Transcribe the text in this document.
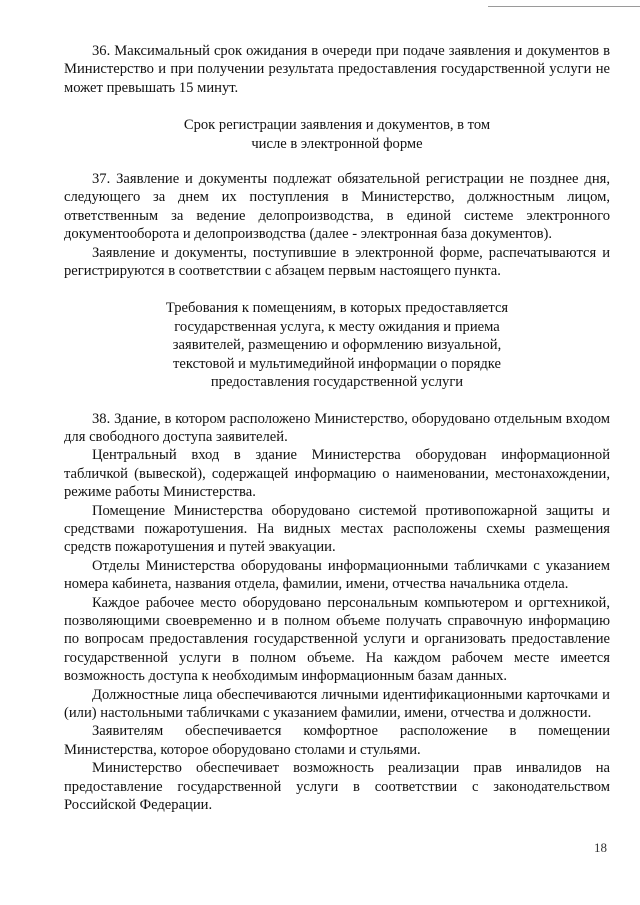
36. Максимальный срок ожидания в очереди при подаче заявления и документов в Министерство и при получении результата предоставления государственной услуги не может превышать 15 минут.

Срок регистрации заявления и документов, в том числе в электронной форме

37. Заявление и документы подлежат обязательной регистрации не позднее дня, следующего за днем их поступления в Министерство, должностным лицом, ответственным за ведение делопроизводства, в единой системе электронного документооборота и делопроизводства (далее - электронная база документов).

Заявление и документы, поступившие в электронной форме, распечатываются и регистрируются в соответствии с абзацем первым настоящего пункта.

Требования к помещениям, в которых предоставляется государственная услуга, к месту ожидания и приема заявителей, размещению и оформлению визуальной, текстовой и мультимедийной информации о порядке предоставления государственной услуги

38. Здание, в котором расположено Министерство, оборудовано отдельным входом для свободного доступа заявителей.

Центральный вход в здание Министерства оборудован информационной табличкой (вывеской), содержащей информацию о наименовании, местонахождении, режиме работы Министерства.

Помещение Министерства оборудовано системой противопожарной защиты и средствами пожаротушения. На видных местах расположены схемы размещения средств пожаротушения и путей эвакуации.

Отделы Министерства оборудованы информационными табличками с указанием номера кабинета, названия отдела, фамилии, имени, отчества начальника отдела.

Каждое рабочее место оборудовано персональным компьютером и оргтехникой, позволяющими своевременно и в полном объеме получать справочную информацию по вопросам предоставления государственной услуги и организовать предоставление государственной услуги в полном объеме. На каждом рабочем месте имеется возможность доступа к необходимым информационным базам данных.

Должностные лица обеспечиваются личными идентификационными карточками и (или) настольными табличками с указанием фамилии, имени, отчества и должности.

Заявителям обеспечивается комфортное расположение в помещении Министерства, которое оборудовано столами и стульями.

Министерство обеспечивает возможность реализации прав инвалидов на предоставление государственной услуги в соответствии с законодательством Российской Федерации.

18
